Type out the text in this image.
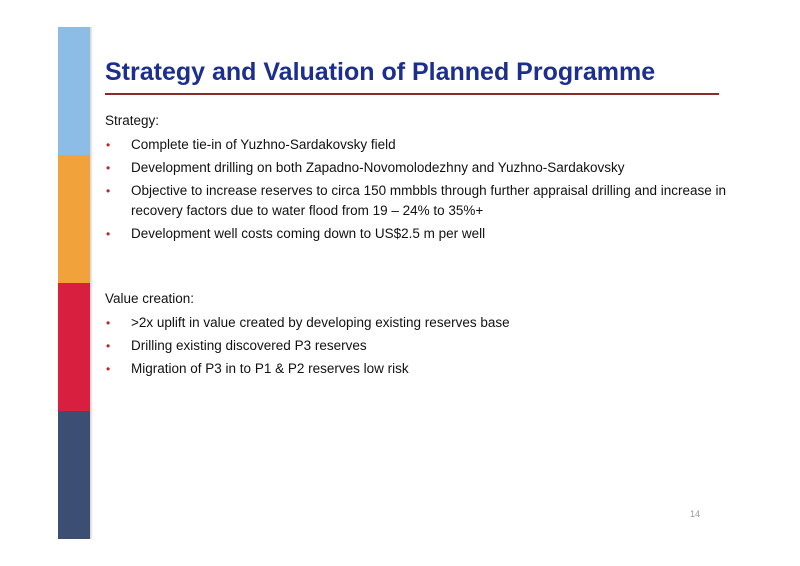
Strategy and Valuation of Planned Programme
Strategy:
• Complete tie-in of Yuzhno-Sardakovsky field
• Development drilling on both Zapadno-Novomolodezhny and Yuzhno-Sardakovsky
• Objective to increase reserves to circa 150 mmbbls through further appraisal drilling and increase in recovery factors due to water flood from 19 – 24% to 35%+
• Development well costs coming down to US$2.5 m per well
Value creation:
• >2x uplift in value created by developing existing reserves base
• Drilling existing discovered P3 reserves
• Migration of P3 in to P1 & P2 reserves low risk
14
